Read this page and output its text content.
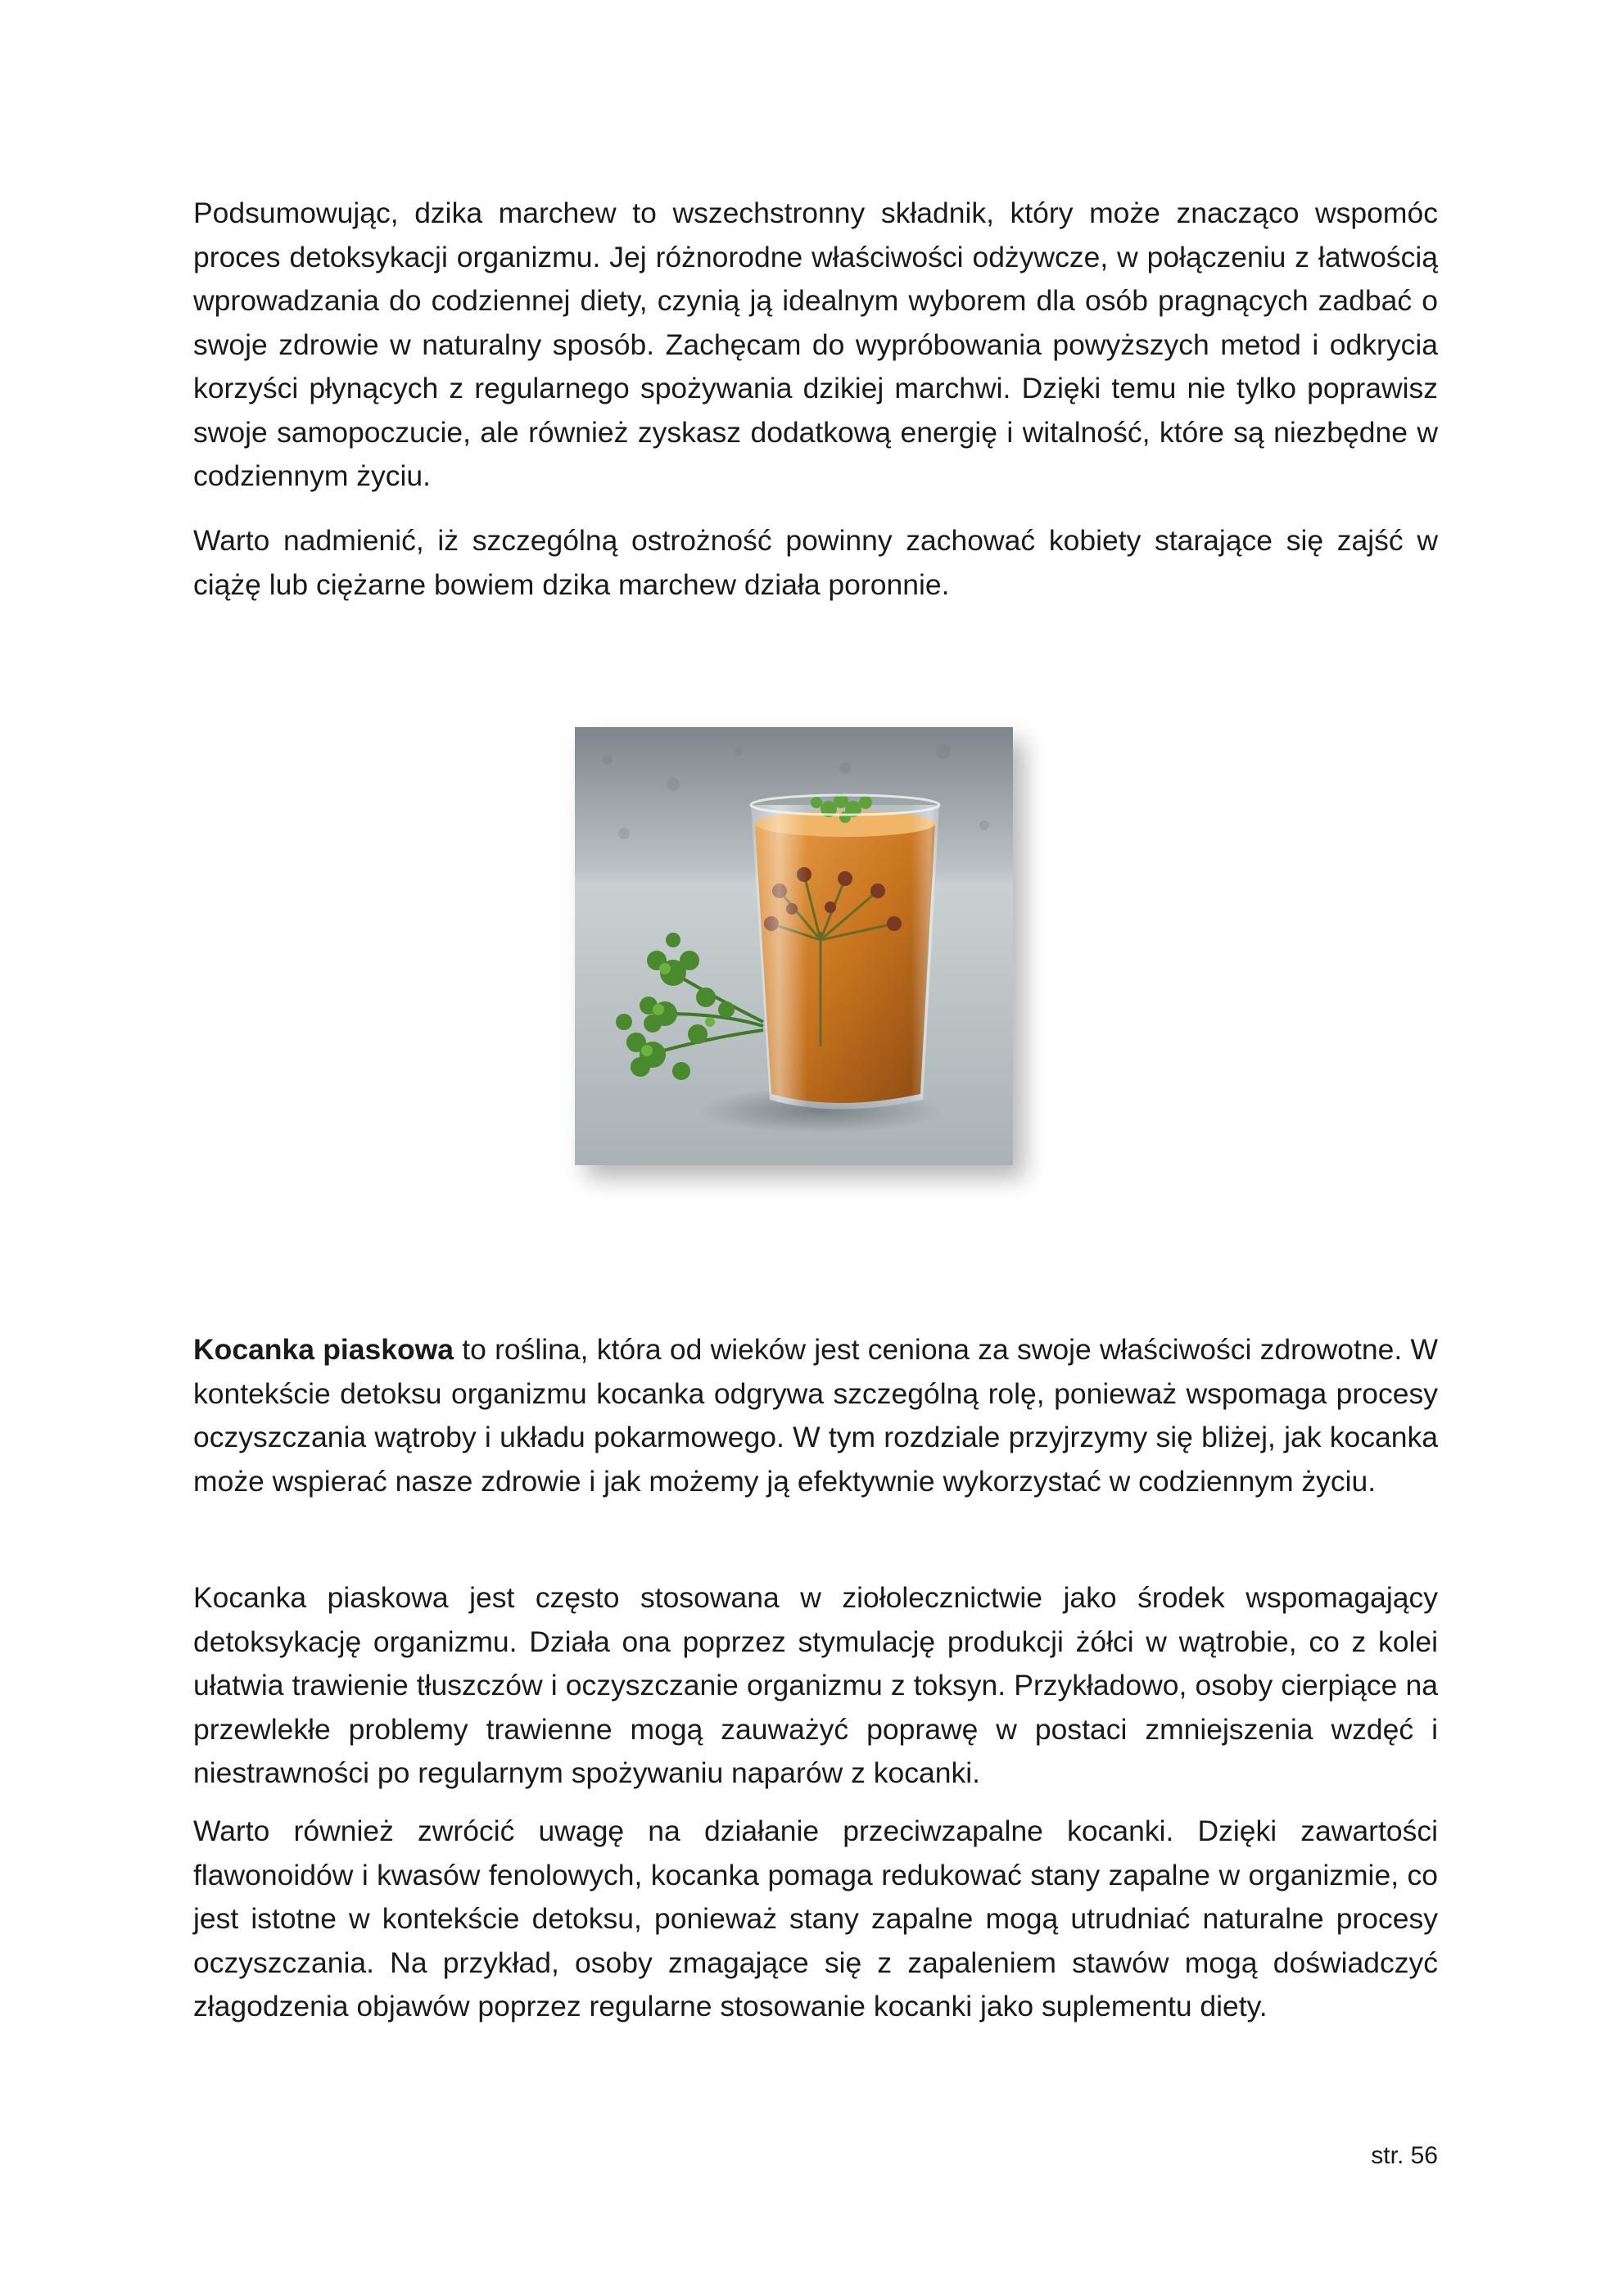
Podsumowując, dzika marchew to wszechstronny składnik, który może znacząco wspomóc proces detoksykacji organizmu. Jej różnorodne właściwości odżywcze, w połączeniu z łatwością wprowadzania do codziennej diety, czynią ją idealnym wyborem dla osób pragnących zadbać o swoje zdrowie w naturalny sposób. Zachęcam do wypróbowania powyższych metod i odkrycia korzyści płynących z regularnego spożywania dzikiej marchwi. Dzięki temu nie tylko poprawisz swoje samopoczucie, ale również zyskasz dodatkową energię i witalność, które są niezbędne w codziennym życiu.

Warto nadmienić, iż szczególną ostrożność powinny zachować kobiety starające się zajść w ciążę lub ciężarne bowiem dzika marchew działa poronnie.

Kocanka piaskowa to roślina, która od wieków jest ceniona za swoje właściwości zdrowotne. W kontekście detoksu organizmu kocanka odgrywa szczególną rolę, ponieważ wspomaga procesy oczyszczania wątroby i układu pokarmowego. W tym rozdziale przyjrzymy się bliżej, jak kocanka może wspierać nasze zdrowie i jak możemy ją efektywnie wykorzystać w codziennym życiu.

Kocanka piaskowa jest często stosowana w ziołolecznictwie jako środek wspomagający detoksykację organizmu. Działa ona poprzez stymulację produkcji żółci w wątrobie, co z kolei ułatwia trawienie tłuszczów i oczyszczanie organizmu z toksyn. Przykładowo, osoby cierpiące na przewlekłe problemy trawienne mogą zauważyć poprawę w postaci zmniejszenia wzdęć i niestrawności po regularnym spożywaniu naparów z kocanki.

Warto również zwrócić uwagę na działanie przeciwzapalne kocanki. Dzięki zawartości flawonoidów i kwasów fenolowych, kocanka pomaga redukować stany zapalne w organizmie, co jest istotne w kontekście detoksu, ponieważ stany zapalne mogą utrudniać naturalne procesy oczyszczania. Na przykład, osoby zmagające się z zapaleniem stawów mogą doświadczyć złagodzenia objawów poprzez regularne stosowanie kocanki jako suplementu diety.

str. 56
